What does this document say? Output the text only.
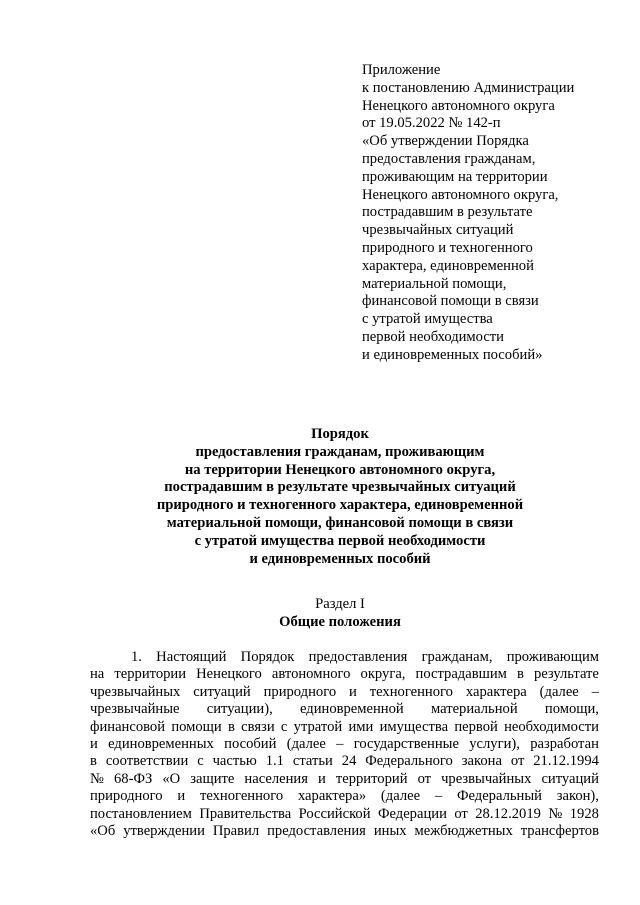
Приложение
к постановлению Администрации
Ненецкого автономного округа
от 19.05.2022 № 142-п
«Об утверждении Порядка
предоставления гражданам,
проживающим на территории
Ненецкого автономного округа,
пострадавшим в результате
чрезвычайных ситуаций
природного и техногенного
характера, единовременной
материальной помощи,
финансовой помощи в связи
с утратой имущества
первой необходимости
и единовременных пособий»
Порядок
предоставления гражданам, проживающим
на территории Ненецкого автономного округа,
пострадавшим в результате чрезвычайных ситуаций
природного и техногенного характера, единовременной
материальной помощи, финансовой помощи в связи
с утратой имущества первой необходимости
и единовременных пособий
Раздел I
Общие положения
1. Настоящий Порядок предоставления гражданам, проживающим
на территории Ненецкого автономного округа, пострадавшим в результате
чрезвычайных ситуаций природного и техногенного характера (далее –
чрезвычайные ситуации), единовременной материальной помощи,
финансовой помощи в связи с утратой ими имущества первой необходимости
и единовременных пособий (далее – государственные услуги), разработан
в соответствии с частью 1.1 статьи 24 Федерального закона от 21.12.1994
№ 68-ФЗ «О защите населения и территорий от чрезвычайных ситуаций
природного и техногенного характера» (далее – Федеральный закон),
постановлением Правительства Российской Федерации от 28.12.2019 № 1928
«Об утверждении Правил предоставления иных межбюджетных трансфертов
